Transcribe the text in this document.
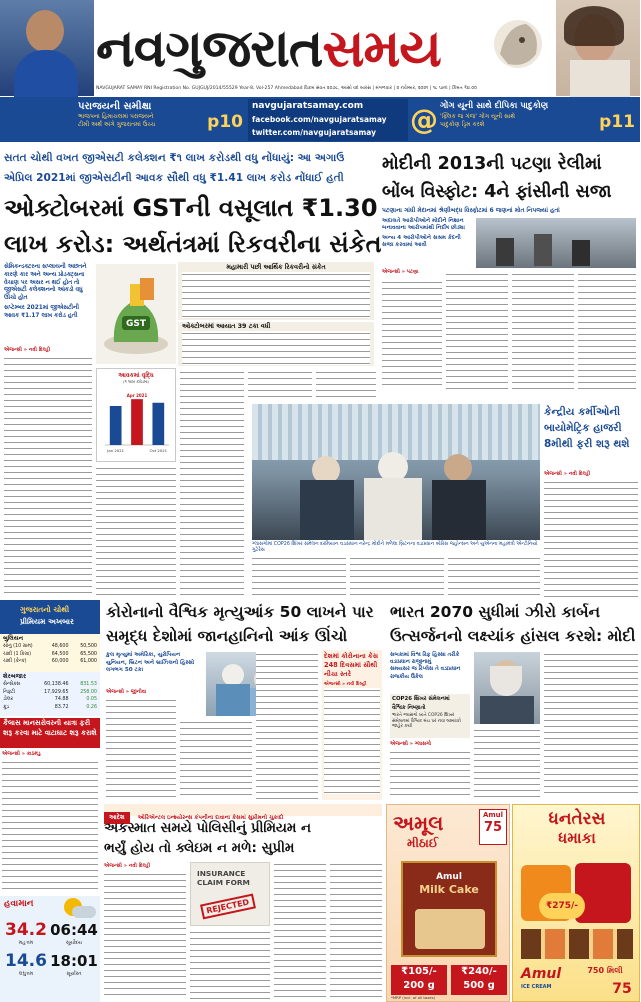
નવગુજરાતસમય
NAVGUJARAT SAMAY RNI Registration No. GUJGUJ/2014/55529 Year-8, Vol-257 Ahmedabad વિક્રમ સંવત ૨૦૭૮, આસો વદ બારસ | મંગળવાર | ૨ નવેમ્બર, ૨૦૨૧ | ૧૮ પાનાં | કિંમત ₹૪.૦૦
પરાજયની સમીક્ષા
ભાજપના હિમાચલમાં પરાજયને
ટીમી અર્થ અંગે ગુજરાતમાં ઉચ્ચ	p10
navgujaratsamay.com
facebook.com/navgujaratsamay
twitter.com/navgujaratsamay	@ ગોંગ યૂની સાથે દીપિકા પાદુકોણ
'ફ્લિક જ ગંજ' ગોંગ યૂની સાથે
પાદુકોણ ડ્રિમ કરશે	p11
સતત ચોથી વખત જીએસટી કલેક્શન ₹૧ લાખ કરોડથી વધુ નોંધાયું: આ અગાઉ એપ્રિલ 2021માં જીએસટીની આવક સૌથી વધુ ₹1.41 લાખ કરોડ નોંધાઈ હતી
ઓક્ટોબરમાં GSTની વસૂલાત ₹1.30
લાખ કરોડ: અર્થતંત્રમાં રિકવરીના સંકેત
સેમિકન્ડક્ટરના સપ્લાયની અછતને કારણે કાર અને અન્ય પ્રોડક્ટ્સના વેચાણ પર અસર ન થઈ હોત તો જીએસટી કલેક્શનનો આંકડો વધુ ઊંચો હોત
સપ્ટેમ્બર 2021માં જીએસટીની આવક ₹1.17 લાખ કરોડ હતી
એજન્સી » નવી દિલ્હી
GST
મહામારી પછી આર્થિક રિકવરીનો સંકેત
ઓક્ટોબરમાં આયાત 39 ટકા વધી
આવકમાં વૃદ્ધિ
(₹ લાખ કરોડમાં)
Apr 2021
Jan 2021	Oct 2021
મોદીની 2013ની પટણા રેલીમાં
બોંબ વિસ્ફોટ: 4ને ફાંસીની સજા
પટણાના ગાંધી મેદાનમાં શ્રેણીબદ્ધ વિસ્ફોટમાં 6 જણનાં મોત નિપજ્યાં હતાં
અદાલતે આરોપીઓને મોદીને નિશાન બનાવવાના આરોપમાંથી નિર્દોષ છોડ્યા
અન્ય 4 આરોપીઓને સશ્રમ કેદની સજા કરવામાં આવી
એજન્સી » પટણા
કેન્દ્રીય કર્મીઓની બાયોમેટ્રિક હાજરી 8મીથી ફરી શરૂ થશે
એજન્સી » નવી દિલ્હી
ગ્લાસગોમાં COP26 શિખર સંમેલન દરમિયાન વડાપ્રધાન નરેન્દ્ર મોદીને મળેલા બ્રિટનના વડાપ્રધાન બોરિસ જ્હોન્સન અને યુએનના મહામંત્રી એન્ટોનિયો ગુટેરેસ
ગુજરાતનો ચોથી
પ્રીમિયમ અખબાર
બુલિયન
સોનું (10 ગ્રામ)	48,600	50,500
ચાંદી (1 કિગ્રા)	64,500	65,500
ચાંદી (કેન્ક)	60,000	61,000
શેરબજાર
સેન્સેક્સ	60,138.46	831.53
નિફ્ટી	17,929.65	258.00
ડોલર	74.88	0.05
ક્રૂડ	83.72	0.26
કૈલાસ માનસરોવરની યાત્રા ફરી શરૂ કરવા માટે વાટાઘાટ શરૂ કરાશે
એજન્સી » કાઠમંડુ
હવામાન
34.2
મહત્તમ
14.6
લઘુત્તમ
06:44
સૂર્યોદય
18:01
સૂર્યાસ્ત
કોરોનાનો વૈશ્વિક મૃત્યુઆંક 50 લાખને પાર
સમૃદ્ધ દેશોમાં જાનહાનિનો આંક ઊંચો
કુલ મૃત્યુમાં અમેરિકા, યુરોપિયન યુનિયન, બ્રિટન અને બ્રાઝિલનો હિસ્સો લગભગ 50 ટકા
એજન્સી » જીનીવા
દેશમાં કોરોનાના કેસ 248 દિવસમાં સૌથી નીચા સ્તરે
એજન્સી » નવી દિલ્હી
ભારત 2070 સુધીમાં ઝીરો કાર્બન
ઉત્સર્જનનો લક્ષ્યાંક હાંસલ કરશે: મોદી
સબકામાં વિશ્વ રિફ હિસ્સા તરીકે વડાપ્રધાન રાજીનામું
સમયસર જ રિપ્લેસ તે વડાપ્રધાન રાજકીય ઉકેલ
COP26 શિખર સંમેલનમાં
વૈશ્વિક નિષ્ણાતો
ભારતે ગ્લાસગો ખાતે COP26 શિખર સંમેલનમાં વૈશ્વિક મંચ પર નવા લક્ષ્યાંકો જાહેર કર્યા
એજન્સી » ગ્લાસગો
આદેશ ઓરિએન્ટલ ઇન્શ્યોરન્સ કંપનીના દાવાના કેસમાં સુપ્રીમનો ચુકાદો
અકસ્માત સમયે પોલિસીનું પ્રીમિયમ ન
ભર્યું હોય તો ક્લેઇમ ન મળે: સુપ્રીમ
એજન્સી » નવી દિલ્હી
INSURANCE
CLAIM FORM
REJECTED
અમૂલ
મીઠાઈ
Amul
75
Amul
Milk Cake
₹105/-
200 g
₹240/-
500 g
*MRP (incl. of all taxes)
ધનતેરસ
ધમાકા
₹275/-
750 મિલી
Amul
ICE CREAM	75
